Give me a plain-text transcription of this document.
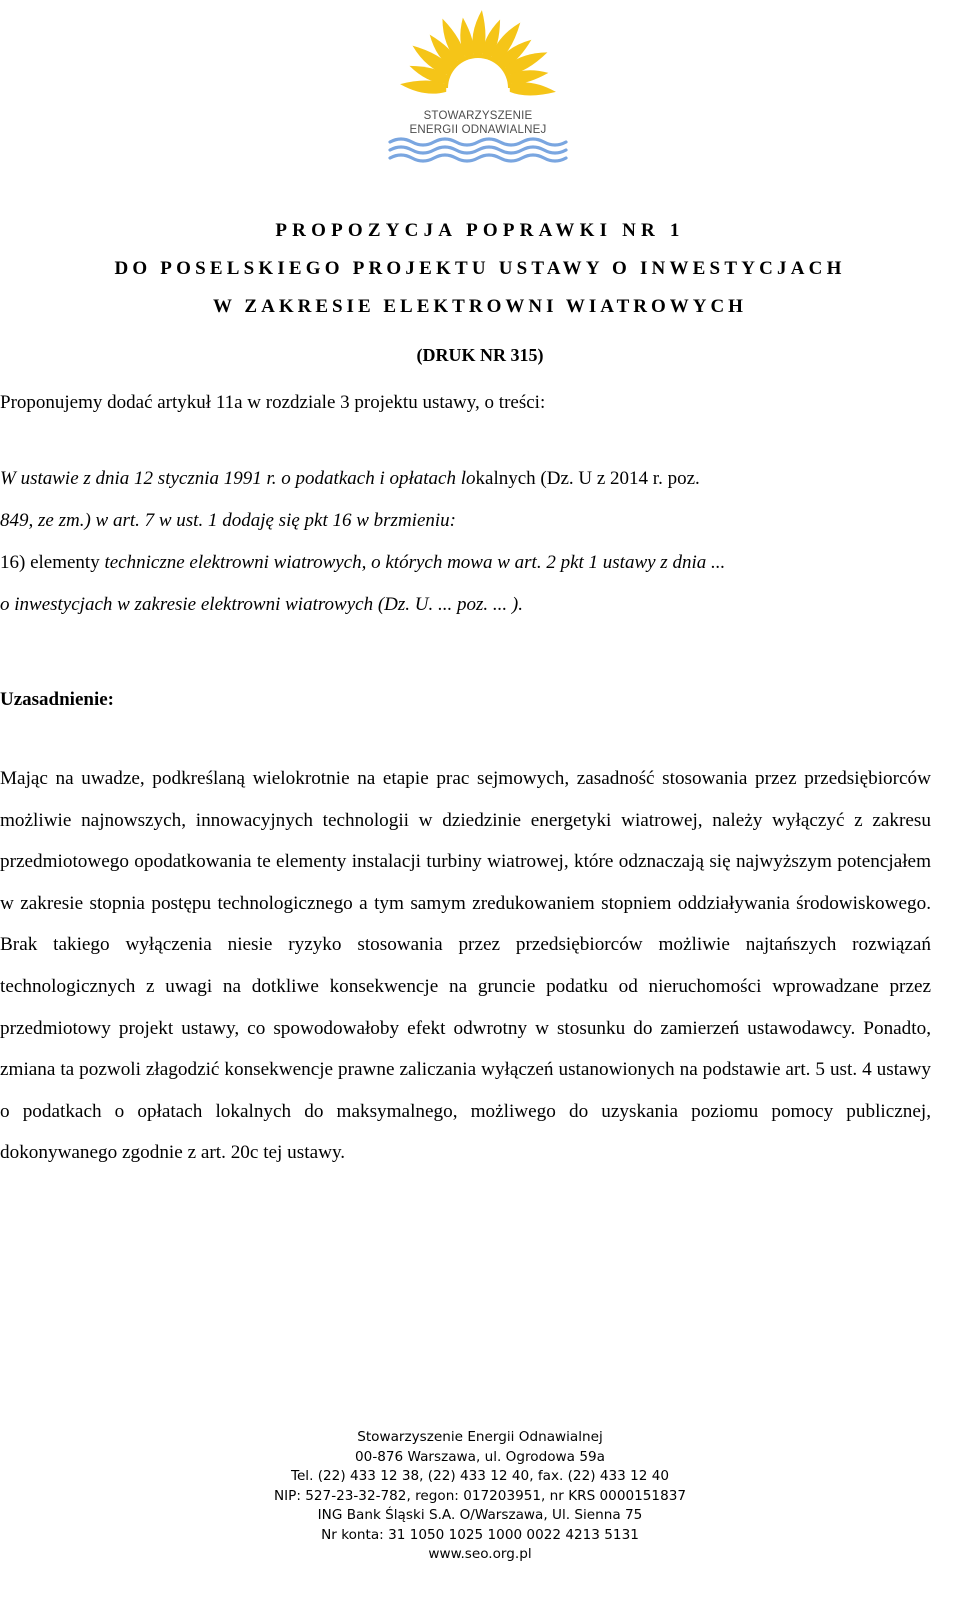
STOWARZYSZENIE
ENERGII ODNAWIALNEJ
PROPOZYCJA POPRAWKI NR 1
DO POSELSKIEGO PROJEKTU USTAWY O INWESTYCJACH
W ZAKRESIE ELEKTROWNI WIATROWYCH
(DRUK NR 315)
Proponujemy dodać artykuł 11a w rozdziale 3 projektu ustawy, o treści:
W ustawie z dnia 12 stycznia 1991 r. o podatkach i opłatach lokalnych (Dz. U z 2014 r. poz.
849, ze zm.) w art. 7 w ust. 1 dodaję się pkt 16 w brzmieniu:
16) elementy techniczne elektrowni wiatrowych, o których mowa w art. 2 pkt 1 ustawy z dnia ...
o inwestycjach w zakresie elektrowni wiatrowych (Dz. U. ... poz. ... ).
Uzasadnienie:
Mając na uwadze, podkreślaną wielokrotnie na etapie prac sejmowych, zasadność stosowania przez przedsiębiorców możliwie najnowszych, innowacyjnych technologii w dziedzinie energetyki wiatrowej, należy wyłączyć z zakresu przedmiotowego opodatkowania te elementy instalacji turbiny wiatrowej, które odznaczają się najwyższym potencjałem w zakresie stopnia postępu technologicznego a tym samym zredukowaniem stopniem oddziaływania środowiskowego. Brak takiego wyłączenia niesie ryzyko stosowania przez przedsiębiorców możliwie najtańszych rozwiązań technologicznych z uwagi na dotkliwe konsekwencje na gruncie podatku od nieruchomości wprowadzane przez przedmiotowy projekt ustawy, co spowodowałoby efekt odwrotny w stosunku do zamierzeń ustawodawcy. Ponadto, zmiana ta pozwoli złagodzić konsekwencje prawne zaliczania wyłączeń ustanowionych na podstawie art. 5 ust. 4 ustawy o podatkach o opłatach lokalnych do maksymalnego, możliwego do uzyskania poziomu pomocy publicznej, dokonywanego zgodnie z art. 20c tej ustawy.
Stowarzyszenie Energii Odnawialnej
00-876 Warszawa, ul. Ogrodowa 59a
Tel. (22) 433 12 38, (22) 433 12 40, fax. (22) 433 12 40
NIP: 527-23-32-782, regon: 017203951, nr KRS 0000151837
ING Bank Śląski S.A. O/Warszawa, Ul. Sienna 75
Nr konta: 31 1050 1025 1000 0022 4213 5131
www.seo.org.pl
